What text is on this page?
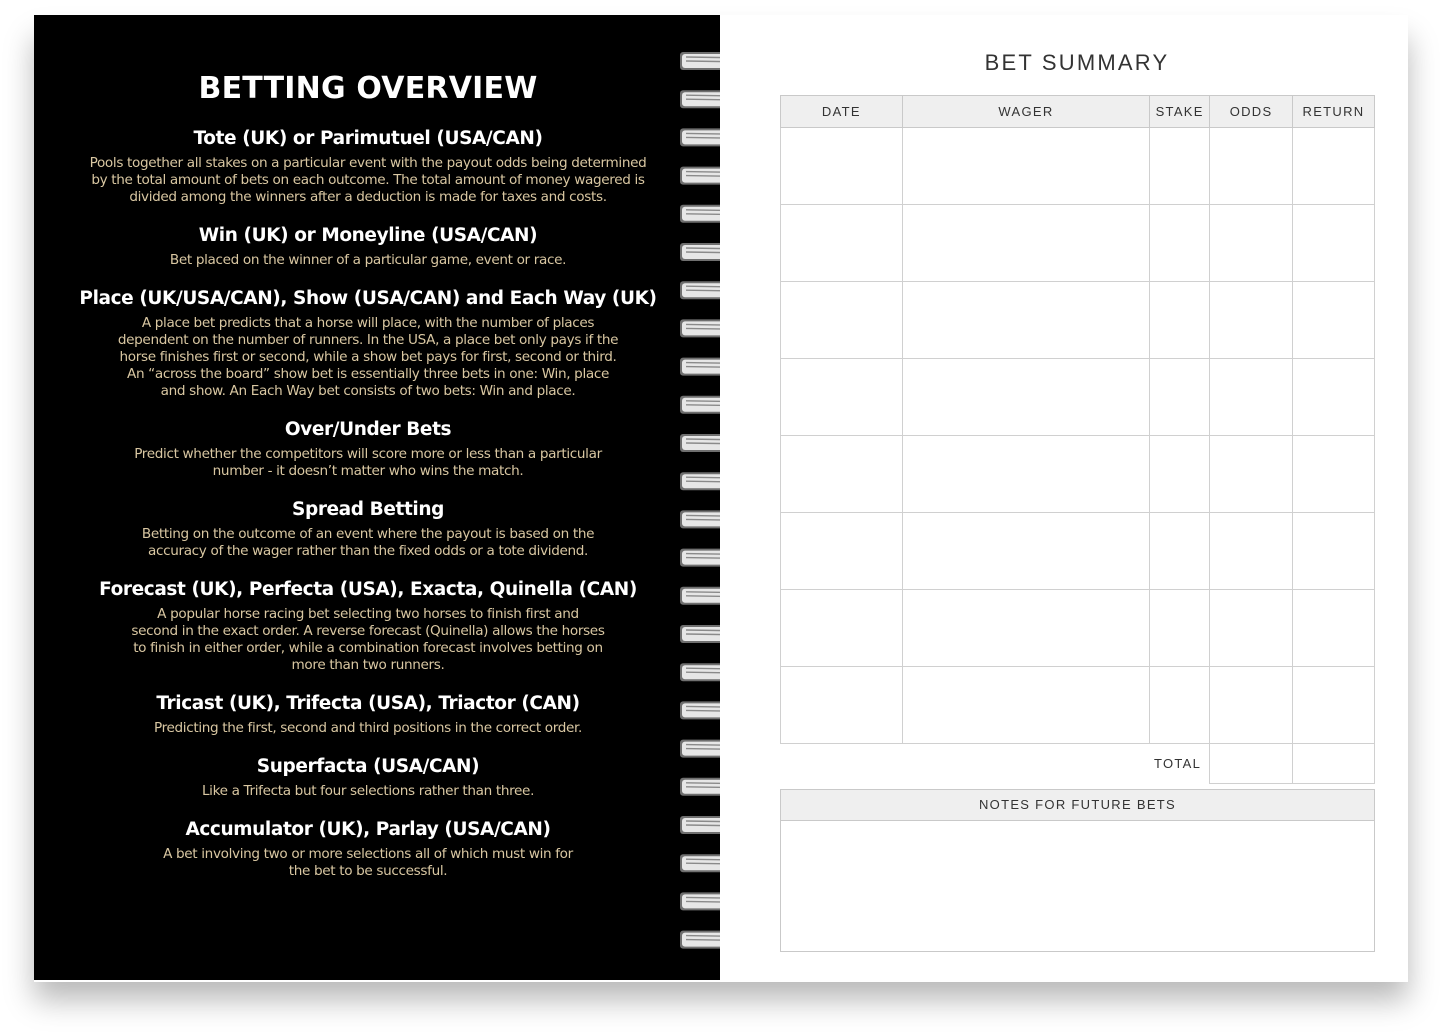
BETTING OVERVIEW
Tote (UK) or Parimutuel (USA/CAN)

Pools together all stakes on a particular event with the payout odds being determined

by the total amount of bets on each outcome. The total amount of money wagered is

divided among the winners after a deduction is made for taxes and costs.

Win (UK) or Moneyline (USA/CAN)

Bet placed on the winner of a particular game, event or race.

Place (UK/USA/CAN), Show (USA/CAN) and Each Way (UK)

A place bet predicts that a horse will place, with the number of places

dependent on the number of runners. In the USA, a place bet only pays if the

horse finishes first or second, while a show bet pays for first, second or third.

An “across the board” show bet is essentially three bets in one: Win, place

and show. An Each Way bet consists of two bets: Win and place.

Over/Under Bets

Predict whether the competitors will score more or less than a particular

number - it doesn’t matter who wins the match.

Spread Betting

Betting on the outcome of an event where the payout is based on the

accuracy of the wager rather than the fixed odds or a tote dividend.

Forecast (UK), Perfecta (USA), Exacta, Quinella (CAN)

A popular horse racing bet selecting two horses to finish first and

second in the exact order. A reverse forecast (Quinella) allows the horses

to finish in either order, while a combination forecast involves betting on

more than two runners.

Tricast (UK), Trifecta (USA), Triactor (CAN)

Predicting the first, second and third positions in the correct order.

Superfacta (USA/CAN)

Like a Trifecta but four selections rather than three.

Accumulator (UK), Parlay (USA/CAN)

A bet involving two or more selections all of which must win for

the bet to be successful.

BET SUMMARY
DATE	WAGER	STAKE	ODDS	RETURN

TOTAL				
NOTES FOR FUTURE BETS
